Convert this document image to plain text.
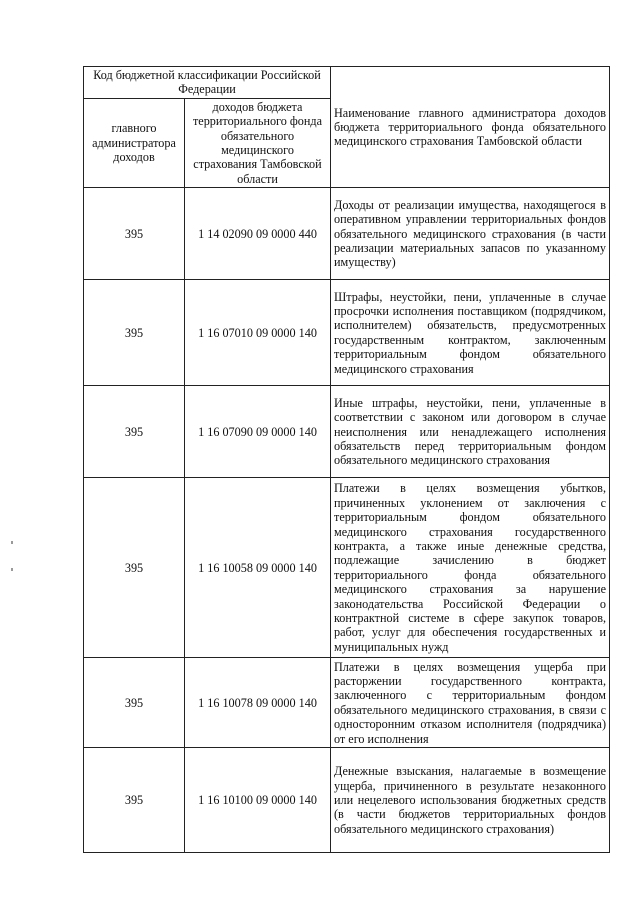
Код бюджетной классификации Российской Федерации		Наименование главного администратора доходов бюджета территориального фонда обязательного медицинского страхования Тамбовской области
главного администратора доходов	доходов бюджета территориального фонда обязательного медицинского страхования Тамбовской области	
395	1 14 02090 09 0000 440	Доходы от реализации имущества, находящегося в оперативном управлении территориальных фондов обязательного медицинского страхования (в части реализации материальных запасов по указанному имуществу)
395	1 16 07010 09 0000 140	Штрафы, неустойки, пени, уплаченные в случае просрочки исполнения поставщиком (подрядчиком, исполнителем) обязательств, предусмотренных государственным контрактом, заключенным территориальным фондом обязательного медицинского страхования
395	1 16 07090 09 0000 140	Иные штрафы, неустойки, пени, уплаченные в соответствии с законом или договором в случае неисполнения или ненадлежащего исполнения обязательств перед территориальным фондом обязательного медицинского страхования
395	1 16 10058 09 0000 140	Платежи в целях возмещения убытков, причиненных уклонением от заключения с территориальным фондом обязательного медицинского страхования государственного контракта, а также иные денежные средства, подлежащие зачислению в бюджет территориального фонда обязательного медицинского страхования за нарушение законодательства Российской Федерации о контрактной системе в сфере закупок товаров, работ, услуг для обеспечения государственных и муниципальных нужд
395	1 16 10078 09 0000 140	Платежи в целях возмещения ущерба при расторжении государственного контракта, заключенного с территориальным фондом обязательного медицинского страхования, в связи с односторонним отказом исполнителя (подрядчика) от его исполнения
395	1 16 10100 09 0000 140	Денежные взыскания, налагаемые в возмещение ущерба, причиненного в результате незаконного или нецелевого использования бюджетных средств (в части бюджетов территориальных фондов обязательного медицинского страхования)
